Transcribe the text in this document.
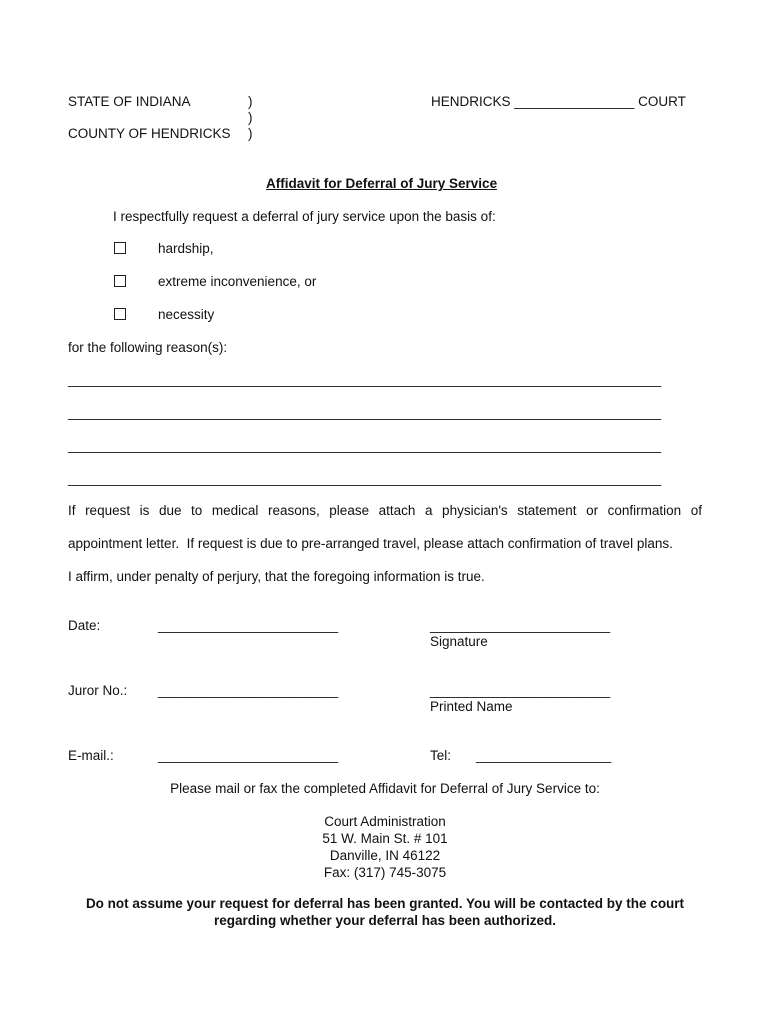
STATE OF INDIANA	)
)
COUNTY OF HENDRICKS )
HENDRICKS ________________ COURT
Affidavit for Deferral of Jury Service
I respectfully request a deferral of jury service upon the basis of:
hardship,
extreme inconvenience, or
necessity
for the following reason(s):
_______________________________________________________________________________
_______________________________________________________________________________
_______________________________________________________________________________
_______________________________________________________________________________
If request is due to medical reasons, please attach a physician's statement or confirmation of
appointment letter.  If request is due to pre-arranged travel, please attach confirmation of travel plans.
I affirm, under penalty of perjury, that the foregoing information is true.
Date:	________________________	________________________
Signature
Juror No.: ________________________	________________________
Printed Name
E-mail.:	________________________	Tel: __________________
Please mail or fax the completed Affidavit for Deferral of Jury Service to:
Court Administration
51 W. Main St. # 101
Danville, IN 46122
Fax: (317) 745-3075
Do not assume your request for deferral has been granted. You will be contacted by the court
regarding whether your deferral has been authorized.
